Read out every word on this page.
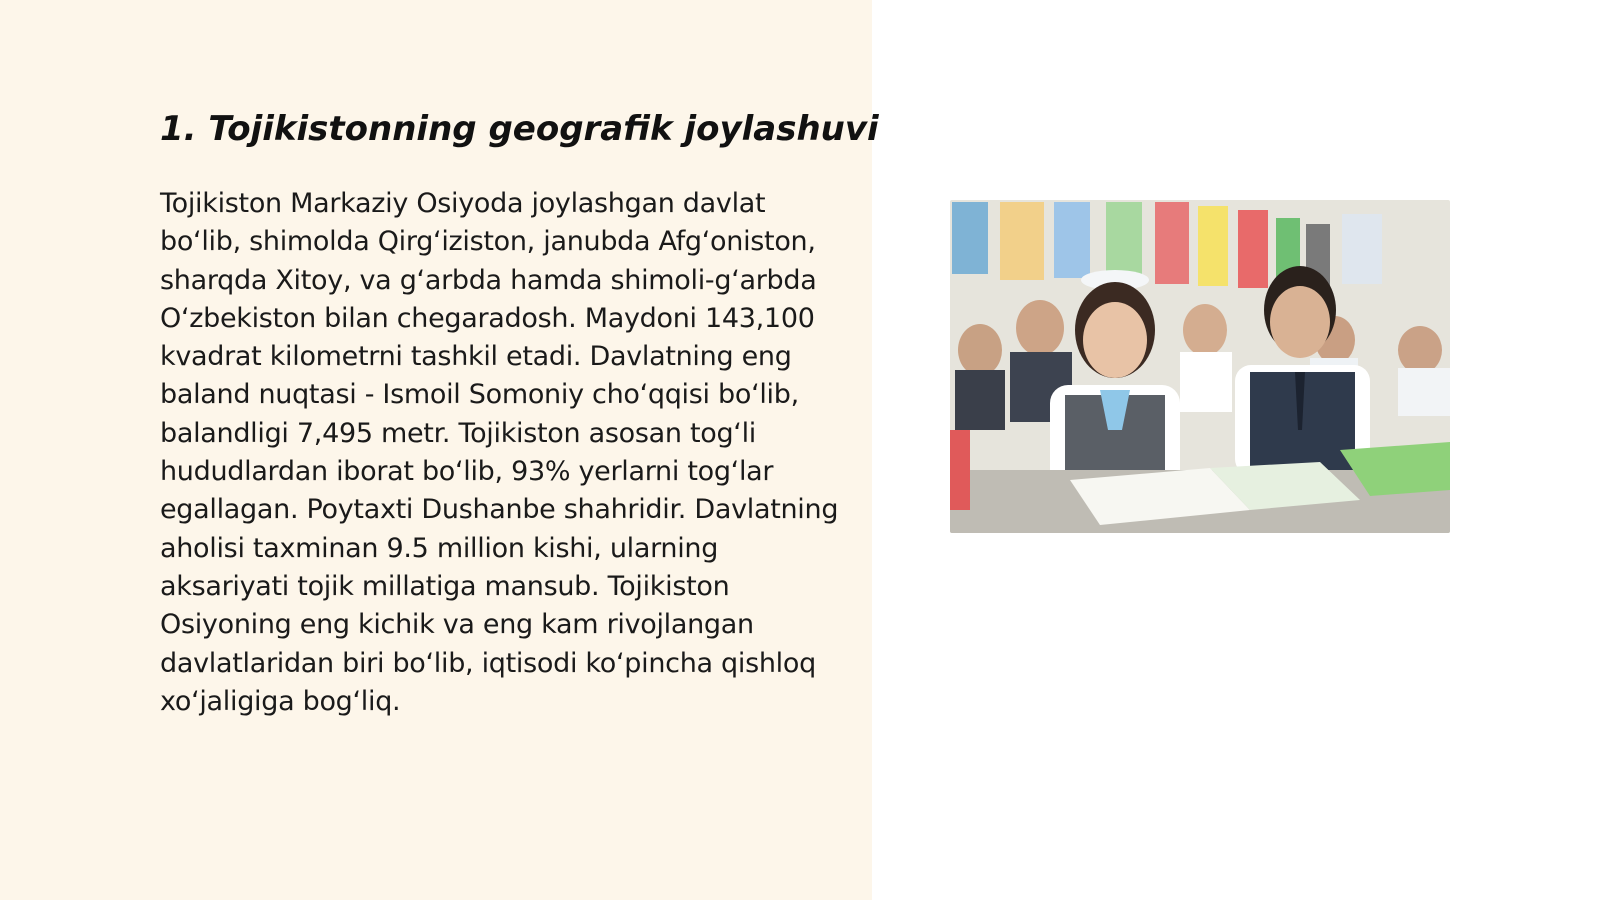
1. Tojikistonning geografik joylashuvi

Tojikiston Markaziy Osiyoda joylashgan davlat bo‘lib, shimolda Qirg‘iziston, janubda Afg‘oniston, sharqda Xitoy, va g‘arbda hamda shimoli-g‘arbda O‘zbekiston bilan chegaradosh. Maydoni 143,100 kvadrat kilometrni tashkil etadi. Davlatning eng baland nuqtasi - Ismoil Somoniy cho‘qqisi bo‘lib, balandligi 7,495 metr. Tojikiston asosan tog‘li hududlardan iborat bo‘lib, 93% yerlarni tog‘lar egallagan. Poytaxti Dushanbe shahridir. Davlatning aholisi taxminan 9.5 million kishi, ularning aksariyati tojik millatiga mansub. Tojikiston Osiyoning eng kichik va eng kam rivojlangan davlatlaridan biri bo‘lib, iqtisodi ko‘pincha qishloq xo‘jaligiga bog‘liq.
